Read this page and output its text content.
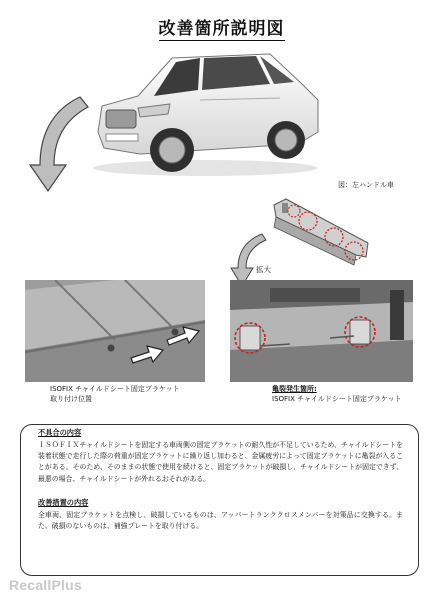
改善箇所説明図
図：左ハンドル車
拡大
ISOFIX チャイルドシート固定ブラケット
取り付け位置
亀裂発生箇所:
ISOFIX チャイルドシート固定ブラケット
不具合の内容
ＩＳＯＦＩＸチャイルドシートを固定する車両側の固定ブラケットの耐久性が不足しているため、チャイルドシートを装着状態で走行した際の荷重が固定ブラケットに繰り返し加わると、金属疲労によって固定ブラケットに亀裂が入ることがある。そのため、そのままの状態で使用を続けると、固定ブラケットが破損し、チャイルドシートが固定できず、最悪の場合、チャイルドシートが外れるおそれがある。
改善措置の内容
全車両、固定ブラケットを点検し、破損しているものは、アッパートランククロスメンバーを対策品に交換する。また、破損のないものは、補強プレートを取り付ける。
RecallPlus
